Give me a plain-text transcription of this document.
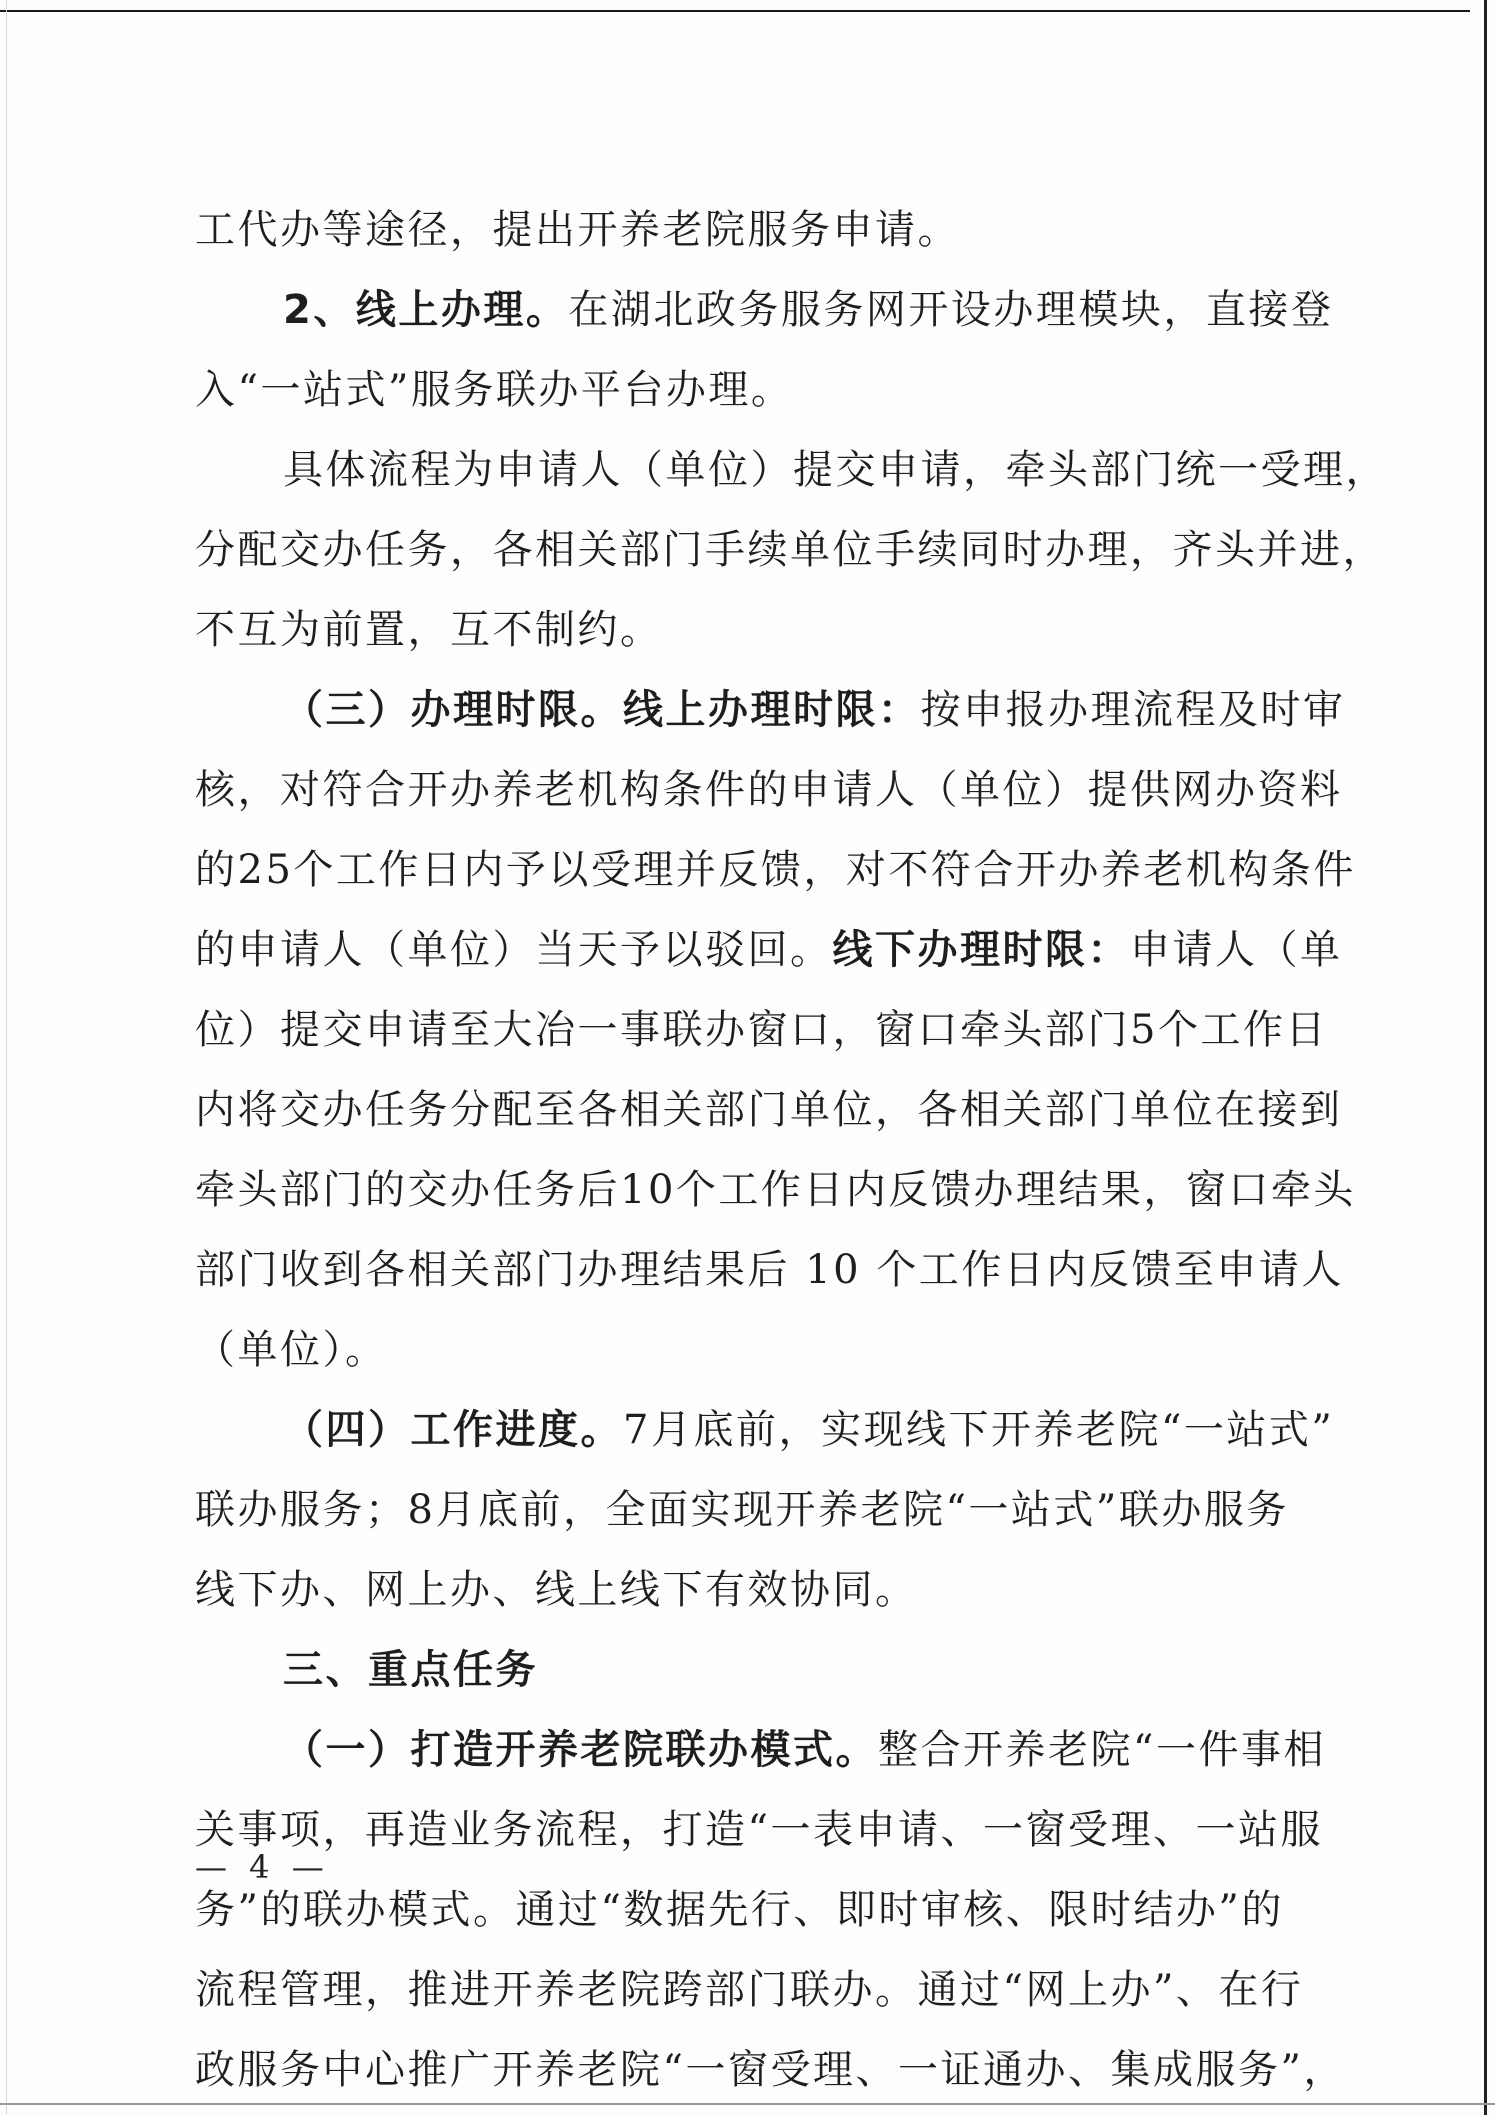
工代办等途径，提出开养老院服务申请。
2、线上办理。在湖北政务服务网开设办理模块，直接登
入“一站式”服务联办平台办理。
具体流程为申请人（单位）提交申请，牵头部门统一受理，
分配交办任务，各相关部门手续单位手续同时办理，齐头并进，
不互为前置，互不制约。
（三）办理时限。线上办理时限：按申报办理流程及时审
核，对符合开办养老机构条件的申请人（单位）提供网办资料
的25个工作日内予以受理并反馈，对不符合开办养老机构条件
的申请人（单位）当天予以驳回。线下办理时限：申请人（单
位）提交申请至大冶一事联办窗口，窗口牵头部门5个工作日
内将交办任务分配至各相关部门单位，各相关部门单位在接到
牵头部门的交办任务后10个工作日内反馈办理结果，窗口牵头
部门收到各相关部门办理结果后 10 个工作日内反馈至申请人
（单位）。
（四）工作进度。7月底前，实现线下开养老院“一站式”
联办服务；8月底前，全面实现开养老院“一站式”联办服务
线下办、网上办、线上线下有效协同。
三、重点任务
（一）打造开养老院联办模式。整合开养老院“一件事相
关事项，再造业务流程，打造“一表申请、一窗受理、一站服
务”的联办模式。通过“数据先行、即时审核、限时结办”的
流程管理，推进开养老院跨部门联办。通过“网上办”、在行
政服务中心推广开养老院“一窗受理、一证通办、集成服务”，
— 4 —
